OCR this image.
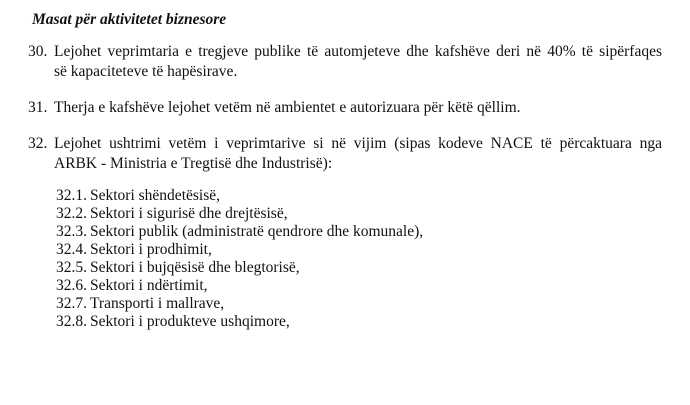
Masat për aktivitetet biznesore
30. Lejohet veprimtaria e tregjeve publike të automjeteve dhe kafshëve deri në 40% të sipërfaqes
së kapaciteteve të hapësirave.
31. Therja e kafshëve lejohet vetëm në ambientet e autorizuara për këtë qëllim.
32. Lejohet ushtrimi vetëm i veprimtarive si në vijim (sipas kodeve NACE të përcaktuara nga
ARBK - Ministria e Tregtisë dhe Industrisë):
32.1. Sektori shëndetësisë,
32.2. Sektori i sigurisë dhe drejtësisë,
32.3. Sektori publik (administratë qendrore dhe komunale),
32.4. Sektori i prodhimit,
32.5. Sektori i bujqësisë dhe blegtorisë,
32.6. Sektori i ndërtimit,
32.7. Transporti i mallrave,
32.8. Sektori i produkteve ushqimore,
